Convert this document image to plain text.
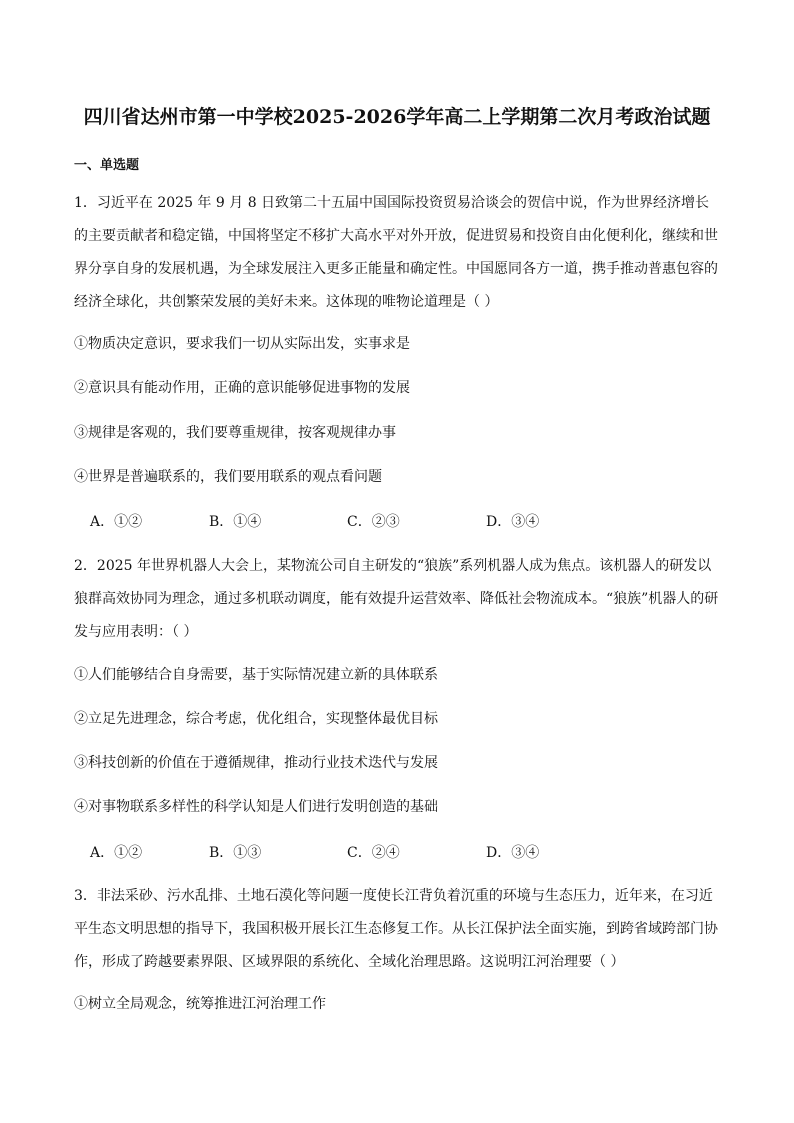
四川省达州市第一中学校2025-2026学年高二上学期第二次月考政治试题
一、单选题
1．习近平在 2025 年 9 月 8 日致第二十五届中国国际投资贸易洽谈会的贺信中说，作为世界经济增长的主要贡献者和稳定锚，中国将坚定不移扩大高水平对外开放，促进贸易和投资自由化便利化，继续和世界分享自身的发展机遇，为全球发展注入更多正能量和确定性。中国愿同各方一道，携手推动普惠包容的经济全球化，共创繁荣发展的美好未来。这体现的唯物论道理是（ ）
①物质决定意识，要求我们一切从实际出发，实事求是
②意识具有能动作用，正确的意识能够促进事物的发展
③规律是客观的，我们要尊重规律，按客观规律办事
④世界是普遍联系的，我们要用联系的观点看问题
A．①②	B．①④	C．②③	D．③④
2．2025 年世界机器人大会上，某物流公司自主研发的“狼族”系列机器人成为焦点。该机器人的研发以狼群高效协同为理念，通过多机联动调度，能有效提升运营效率、降低社会物流成本。“狼族”机器人的研发与应用表明：（ ）
①人们能够结合自身需要，基于实际情况建立新的具体联系
②立足先进理念，综合考虑，优化组合，实现整体最优目标
③科技创新的价值在于遵循规律，推动行业技术迭代与发展
④对事物联系多样性的科学认知是人们进行发明创造的基础
A．①②	B．①③	C．②④	D．③④
3．非法采砂、污水乱排、土地石漠化等问题一度使长江背负着沉重的环境与生态压力，近年来，在习近平生态文明思想的指导下，我国积极开展长江生态修复工作。从长江保护法全面实施，到跨省域跨部门协作，形成了跨越要素界限、区域界限的系统化、全域化治理思路。这说明江河治理要（ ）
①树立全局观念，统筹推进江河治理工作
